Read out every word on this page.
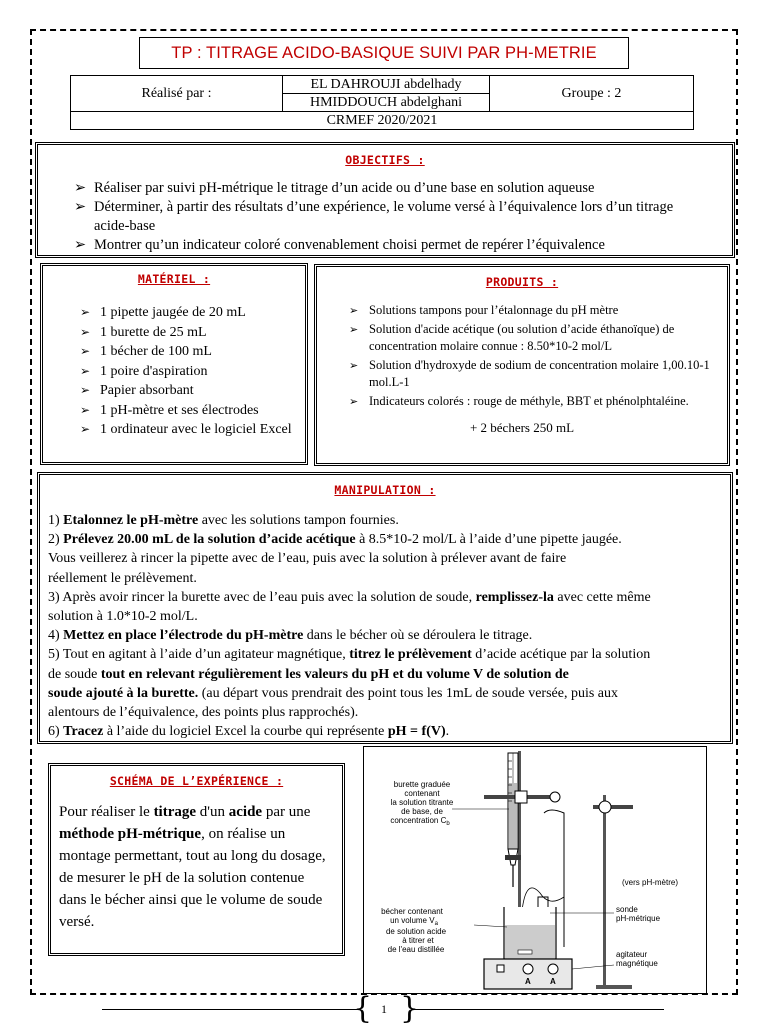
TP : TITRAGE ACIDO-BASIQUE SUIVI PAR PH-METRIE
Réalisé par :	EL DAHROUJI abdelhady	Groupe : 2
HMIDDOUCH abdelghani
CRMEF 2020/2021
OBJECTIFS :
➢ Réaliser par suivi pH-métrique le titrage d’un acide ou d’une base en solution aqueuse
➢ Déterminer, à partir des résultats d’une expérience, le volume versé à l’équivalence lors d’un titrage acide-base
➢ Montrer qu’un indicateur coloré convenablement choisi permet de repérer l’équivalence
MATÉRIEL :
➢ 1 pipette jaugée de 20 mL
➢ 1 burette de 25 mL
➢ 1 bécher de 100 mL
➢ 1 poire d'aspiration
➢ Papier absorbant
➢ 1 pH-mètre et ses électrodes
➢ 1 ordinateur avec le logiciel Excel
PRODUITS :
➢ Solutions tampons pour l’étalonnage du pH mètre
➢ Solution d'acide acétique (ou solution d’acide éthanoïque) de concentration molaire connue : 8.50*10-2 mol/L
➢ Solution d'hydroxyde de sodium de concentration molaire 1,00.10-1 mol.L-1
➢ Indicateurs colorés : rouge de méthyle, BBT et phénolphtaléine.
+ 2 béchers 250 mL
MANIPULATION :

1) Etalonnez le pH-mètre avec les solutions tampon fournies.

2) Prélevez 20.00 mL de la solution d’acide acétique à 8.5*10-2 mol/L à l’aide d’une pipette jaugée.

Vous veillerez à rincer la pipette avec de l’eau, puis avec la solution à prélever avant de faire

réellement le prélèvement.

3) Après avoir rincer la burette avec de l’eau puis avec la solution de soude, remplissez-la avec cette même

solution à 1.0*10-2 mol/L.

4) Mettez en place l’électrode du pH-mètre dans le bécher où se déroulera le titrage.

5) Tout en agitant à l’aide d’un agitateur magnétique, titrez le prélèvement d’acide acétique par la solution

de soude tout en relevant régulièrement les valeurs du pH et du volume V de solution de

soude ajouté à la burette. (au départ vous prendrait des point tous les 1mL de soude versée, puis aux

alentours de l’équivalence, des points plus rapprochés).

6) Tracez à l’aide du logiciel Excel la courbe qui représente pH = f(V).

SCHÉMA DE L’EXPÉRIENCE :
Pour réaliser le titrage d'un acide par une méthode pH-métrique, on réalise un montage permettant, tout au long du dosage, de mesurer le pH de la solution contenue dans le bécher ainsi que le volume de soude versé.
A A
burette graduée
contenant
la solution titrante
de base, de
concentration $C_b$
bécher contenant
un volume $V_a$
de solution acide
à titrer et
de l'eau distillée
(vers pH-mètre)
sonde
pH-métrique
agitateur
magnétique
{ }
1
